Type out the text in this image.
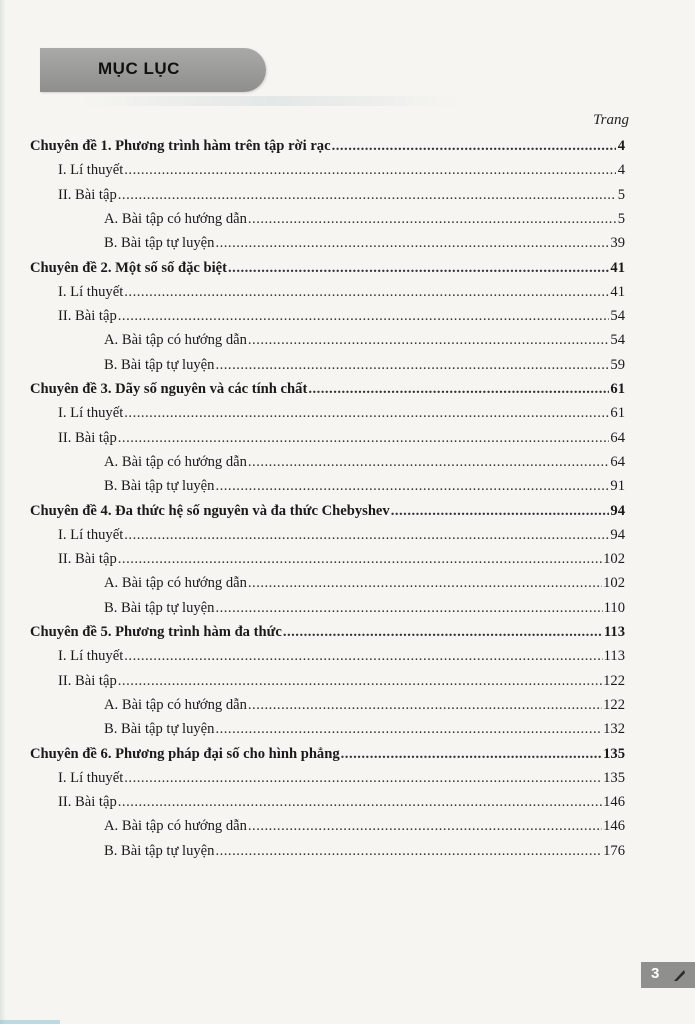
MỤC LỤC
Trang
Chuyên đề 1. Phương trình hàm trên tập rời rạc .....	4
I. Lí thuyết .....	4
II. Bài tập .....	5
A. Bài tập có hướng dẫn .....	5
B. Bài tập tự luyện .....	39
Chuyên đề 2. Một số số đặc biệt .....	41
I. Lí thuyết .....	41
II. Bài tập .....	54
A. Bài tập có hướng dẫn .....	54
B. Bài tập tự luyện .....	59
Chuyên đề 3. Dãy số nguyên và các tính chất .....	61
I. Lí thuyết .....	61
II. Bài tập .....	64
A. Bài tập có hướng dẫn .....	64
B. Bài tập tự luyện .....	91
Chuyên đề 4. Đa thức hệ số nguyên và đa thức Chebyshev .....	94
I. Lí thuyết .....	94
II. Bài tập .....	102
A. Bài tập có hướng dẫn .....	102
B. Bài tập tự luyện .....	110
Chuyên đề 5. Phương trình hàm đa thức .....	113
I. Lí thuyết .....	113
II. Bài tập .....	122
A. Bài tập có hướng dẫn .....	122
B. Bài tập tự luyện .....	132
Chuyên đề 6. Phương pháp đại số cho hình phẳng .....	135
I. Lí thuyết .....	135
II. Bài tập .....	146
A. Bài tập có hướng dẫn .....	146
B. Bài tập tự luyện .....	176
3
